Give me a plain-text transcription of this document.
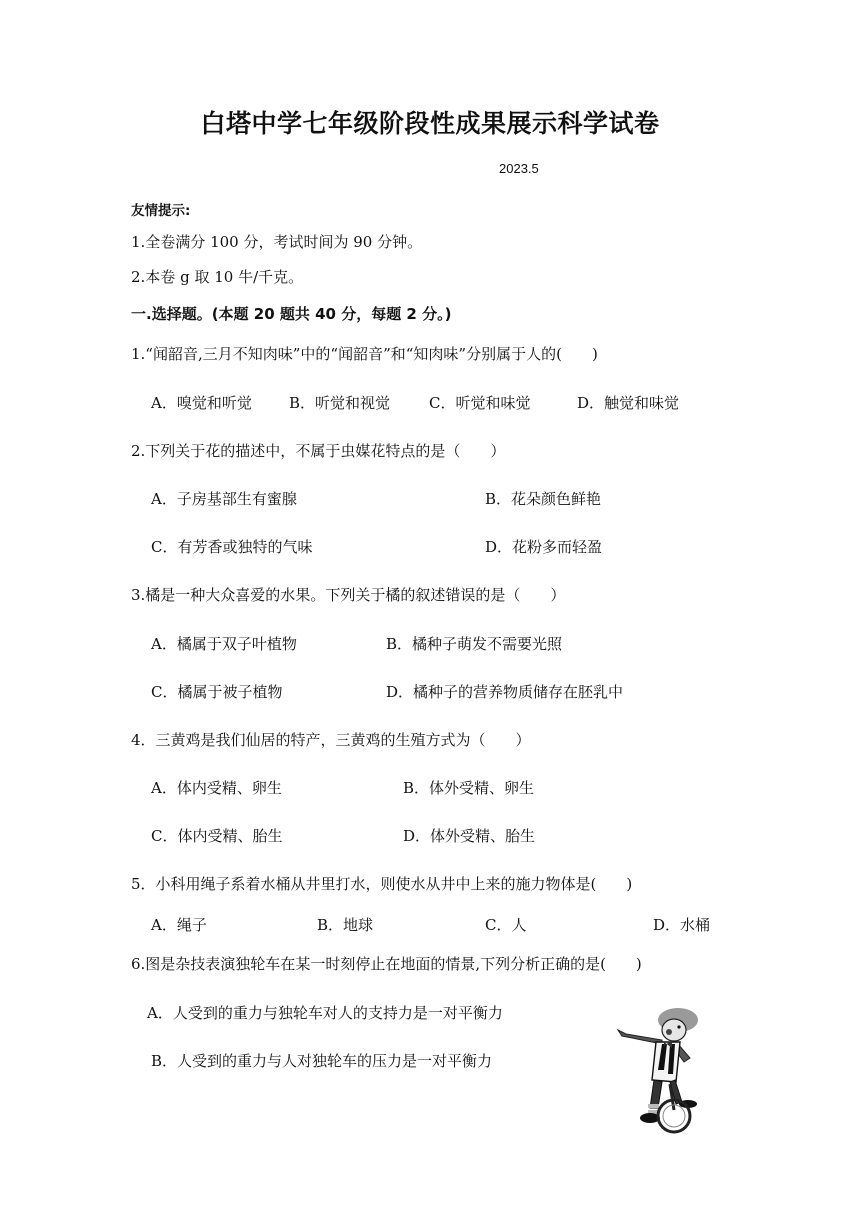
白塔中学七年级阶段性成果展示科学试卷
2023.5
友情提示:
1.全卷满分 100 分，考试时间为 90 分钟。
2.本卷 g 取 10 牛/千克。
一.选择题。(本题 20 题共 40 分，每题 2 分。)
1.“闻韶音,三月不知肉味”中的“闻韶音”和“知肉味”分别属于人的(　　)
A．嗅觉和听觉 B．听觉和视觉	C．听觉和味觉	D．触觉和味觉
2.下列关于花的描述中，不属于虫媒花特点的是（　　）
A．子房基部生有蜜腺	B．花朵颜色鲜艳
C．有芳香或独特的气味	D．花粉多而轻盈
3.橘是一种大众喜爱的水果。下列关于橘的叙述错误的是（　　）
A．橘属于双子叶植物	B．橘种子萌发不需要光照
C．橘属于被子植物	D．橘种子的营养物质储存在胚乳中
4．三黄鸡是我们仙居的特产，三黄鸡的生殖方式为（　　）
A．体内受精、卵生	B．体外受精、卵生
C．体内受精、胎生	D．体外受精、胎生
5．小科用绳子系着水桶从井里打水，则使水从井中上来的施力物体是(　　)
A．绳子	B．地球	C．人	D．水桶
6.图是杂技表演独轮车在某一时刻停止在地面的情景,下列分析正确的是(　　)
A．人受到的重力与独轮车对人的支持力是一对平衡力
B．人受到的重力与人对独轮车的压力是一对平衡力
